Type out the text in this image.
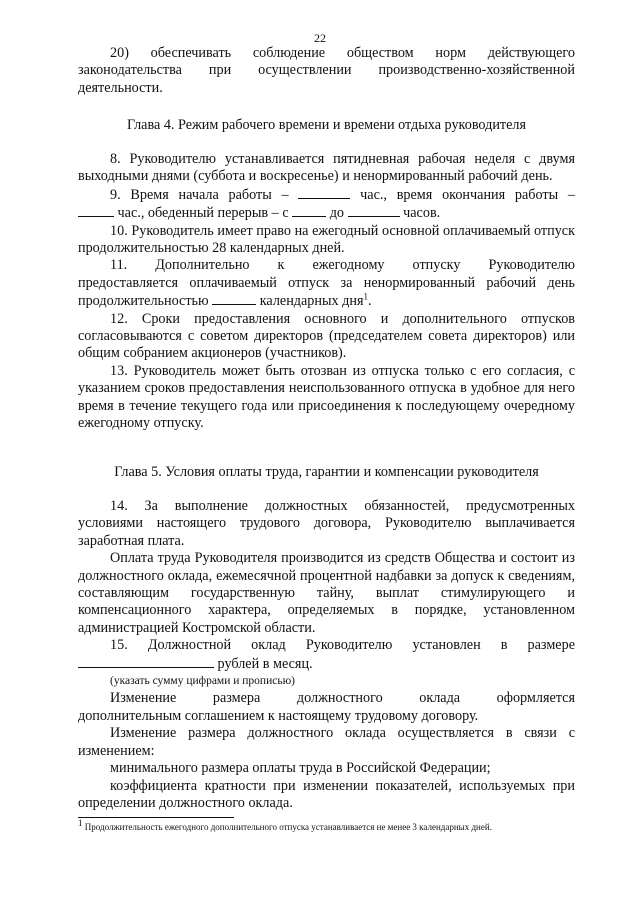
22

20) обеспечивать соблюдение обществом норм действующего

законодательства при осуществлении производственно-хозяйственной

деятельности.

Глава 4. Режим рабочего времени и времени отдыха руководителя

8. Руководителю устанавливается пятидневная рабочая неделя с двумя выходными днями (суббота и воскресенье) и ненормированный рабочий день.

9. Время начала работы –	час., время окончания работы –

час., обеденный перерыв – с	до	часов.

10. Руководитель имеет право на ежегодный основной оплачиваемый отпуск продолжительностью 28 календарных дней.

11. Дополнительно к ежегодному отпуску Руководителю

предоставляется оплачиваемый отпуск за ненормированный рабочий день

продолжительностью	календарных дня$^1$.

12. Сроки предоставления основного и дополнительного отпусков согласовываются с советом директоров (председателем совета директоров) или общим собранием акционеров (участников).

13. Руководитель может быть отозван из отпуска только с его согласия, с указанием сроков предоставления неиспользованного отпуска в удобное для него время в течение текущего года или присоединения к последующему очередному ежегодному отпуску.

Глава 5. Условия оплаты труда, гарантии и компенсации руководителя

14. За выполнение должностных обязанностей, предусмотренных условиями настоящего трудового договора, Руководителю выплачивается заработная плата.

Оплата труда Руководителя производится из средств Общества и состоит из должностного оклада, ежемесячной процентной надбавки за допуск к сведениям, составляющим государственную тайну, выплат стимулирующего и компенсационного характера, определяемых в порядке, установленном администрацией Костромской области.

15. Должностной оклад Руководителю установлен в размере

рублей в месяц.

(указать сумму цифрами и прописью)

Изменение размера должностного оклада оформляется

дополнительным соглашением к настоящему трудовому договору.

Изменение размера должностного оклада осуществляется в связи с изменением:

минимального размера оплаты труда в Российской Федерации;

коэффициента кратности при изменении показателей, используемых при определении должностного оклада.

$^1$ Продолжительность ежегодного дополнительного отпуска устанавливается не менее 3 календарных дней.
